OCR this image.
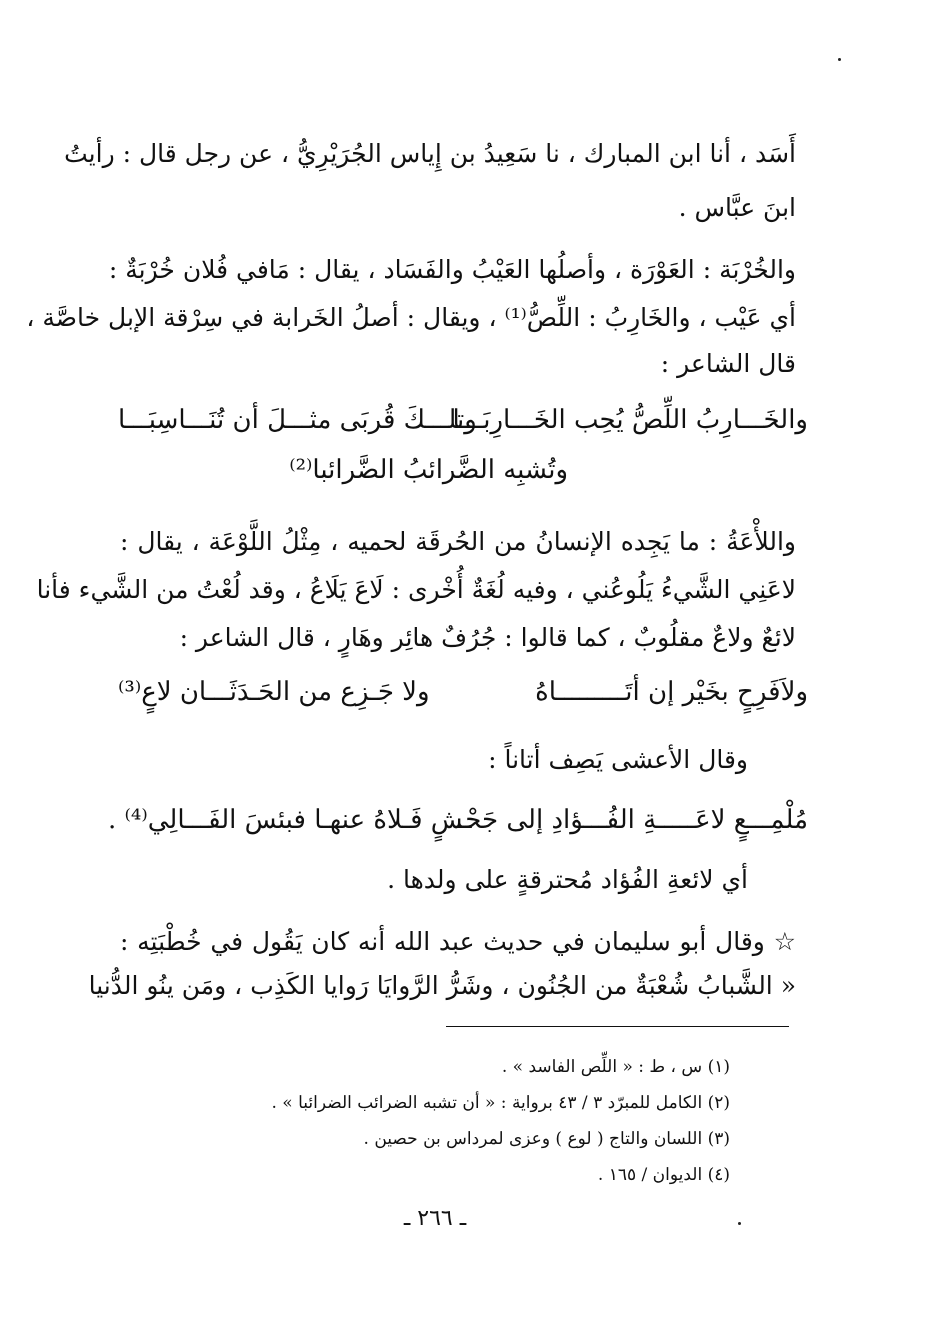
أَسَد ، أنا ابن المبارك ، نا سَعِيدُ بن إِياس الجُرَيْرِيُّ ، عن رجل قال : رأيتُ
ابنَ عبَّاس .
والخُرْبَة : العَوْرَة ، وأصلُها العَيْبُ والفَسَاد ، يقال : مَافي فُلان خُرْبَةٌ :
أي عَيْب ، والخَارِبُ : اللِّصُّ⁽¹⁾ ، ويقال : أصلُ الخَرابة في سِرْقة الإبل خاصَّة ،
قال الشاعر :
والخَـــارِبُ اللِّصُّ يُحِب الخَـــارِبَـــا
وتلـــكَ قُربَى مثـــلَ أن تُنَـــاسِبَـــا
وتُشبِه الضَّرائبُ الضَّرائبا⁽²⁾
واللأْعَةُ : ما يَجِده الإنسانُ من الحُرقَة لحميه ، مِثْلُ اللَّوْعَة ، يقال :
لاعَنِي الشَّيءُ يَلُوعُني ، وفيه لُغَةٌ أُخْرى : لَاعَ يَلَاعُ ، وقد لُعْتُ من الشَّيء فأنا
لائعٌ ولاعٌ مقلُوبٌ ، كما قالوا : جُرُفٌ هائِر وهَارٍ ، قال الشاعر :
ولاَفَرِحٍ بخَيْر إن أتَـــــــــاهُ
ولا جَـزِع من الحَـدَثَـــان لاعٍ⁽³⁾
وقال الأعشى يَصِف أتاناً :
مُلْمِـــعٍ لاعَـــــةِ الفُـــؤادِ إلى جَحْـ
ـشٍ فَـلاهُ عنهـا فبئسَ الفَـــالِي⁽⁴⁾ .
أي لائعةِ الفُؤاد مُحترقةٍ على ولدها .
☆ وقال أبو سليمان في حديث عبد الله أنه كان يَقُول في خُطْبَتِه :
« الشَّبابُ شُعْبَةٌ من الجُنُون ، وشَرُّ الرَّوايَا رَوايا الكَذِب ، ومَن ينُو الدُّنيا
(١) س ، ط : « اللِّص الفاسد » .
(٢) الكامل للمبرّد ٣ / ٤٣ برواية : « أن تشبه الضرائب الضرائبا » .
(٣) اللسان والتاج ( لوع ) وعزى لمرداس بن حصين .
(٤) الديوان / ١٦٥ .
ـ ٢٦٦ ـ
